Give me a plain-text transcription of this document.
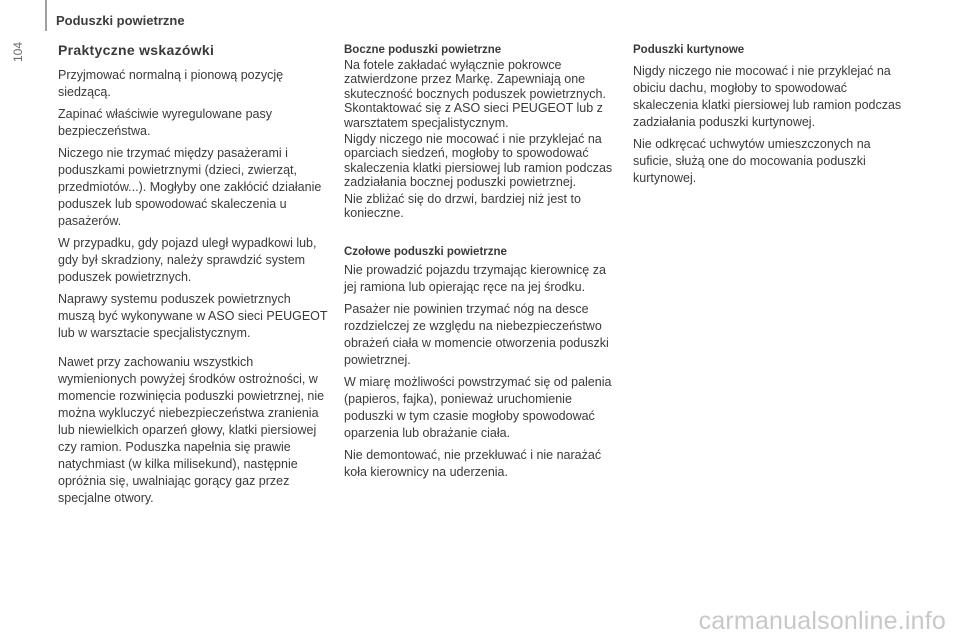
Poduszki powietrzne
104 Praktyczne wskazówki

Przyjmować normalną i pionową pozycję siedzącą.

Zapinać właściwie wyregulowane pasy bezpieczeństwa.

Niczego nie trzymać między pasażerami i poduszkami powietrznymi (dzieci, zwierząt, przedmiotów...). Mogłyby one zakłócić działanie poduszek lub spowodować skaleczenia u pasażerów.

W przypadku, gdy pojazd uległ wypadkowi lub, gdy był skradziony, należy sprawdzić system poduszek powietrznych.

Naprawy systemu poduszek powietrznych muszą być wykonywane w ASO sieci PEUGEOT lub w warsztacie specjalistycznym.

Nawet przy zachowaniu wszystkich wymienionych powyżej środków ostrożności, w momencie rozwinięcia poduszki powietrznej, nie można wykluczyć niebezpieczeństwa zranienia lub niewielkich oparzeń głowy, klatki piersiowej czy ramion. Poduszka napełnia się prawie natychmiast (w kilka milisekund), następnie opróżnia się, uwalniając gorący gaz przez specjalne otwory.

Boczne poduszki powietrzne

Na fotele zakładać wyłącznie pokrowce zatwierdzone przez Markę. Zapewniają one skuteczność bocznych poduszek powietrznych. Skontaktować się z ASO sieci PEUGEOT lub z warsztatem specjalistycznym.

Nigdy niczego nie mocować i nie przyklejać na oparciach siedzeń, mogłoby to spowodować skaleczenia klatki piersiowej lub ramion podczas zadziałania bocznej poduszki powietrznej.

Nie zbliżać się do drzwi, bardziej niż jest to konieczne.

Czołowe poduszki powietrzne

Nie prowadzić pojazdu trzymając kierownicę za jej ramiona lub opierając ręce na jej środku.

Pasażer nie powinien trzymać nóg na desce rozdzielczej ze względu na niebezpieczeństwo obrażeń ciała w momencie otworzenia poduszki powietrznej.

W miarę możliwości powstrzymać się od palenia (papieros, fajka), ponieważ uruchomienie poduszki w tym czasie mogłoby spowodować oparzenia lub obrażanie ciała.

Nie demontować, nie przekłuwać i nie narażać koła kierownicy na uderzenia.

Poduszki kurtynowe

Nigdy niczego nie mocować i nie przyklejać na obiciu dachu, mogłoby to spowodować skaleczenia klatki piersiowej lub ramion podczas zadziałania poduszki kurtynowej.

Nie odkręcać uchwytów umieszczonych na suficie, służą one do mocowania poduszki kurtynowej.

carmanualsonline.info
